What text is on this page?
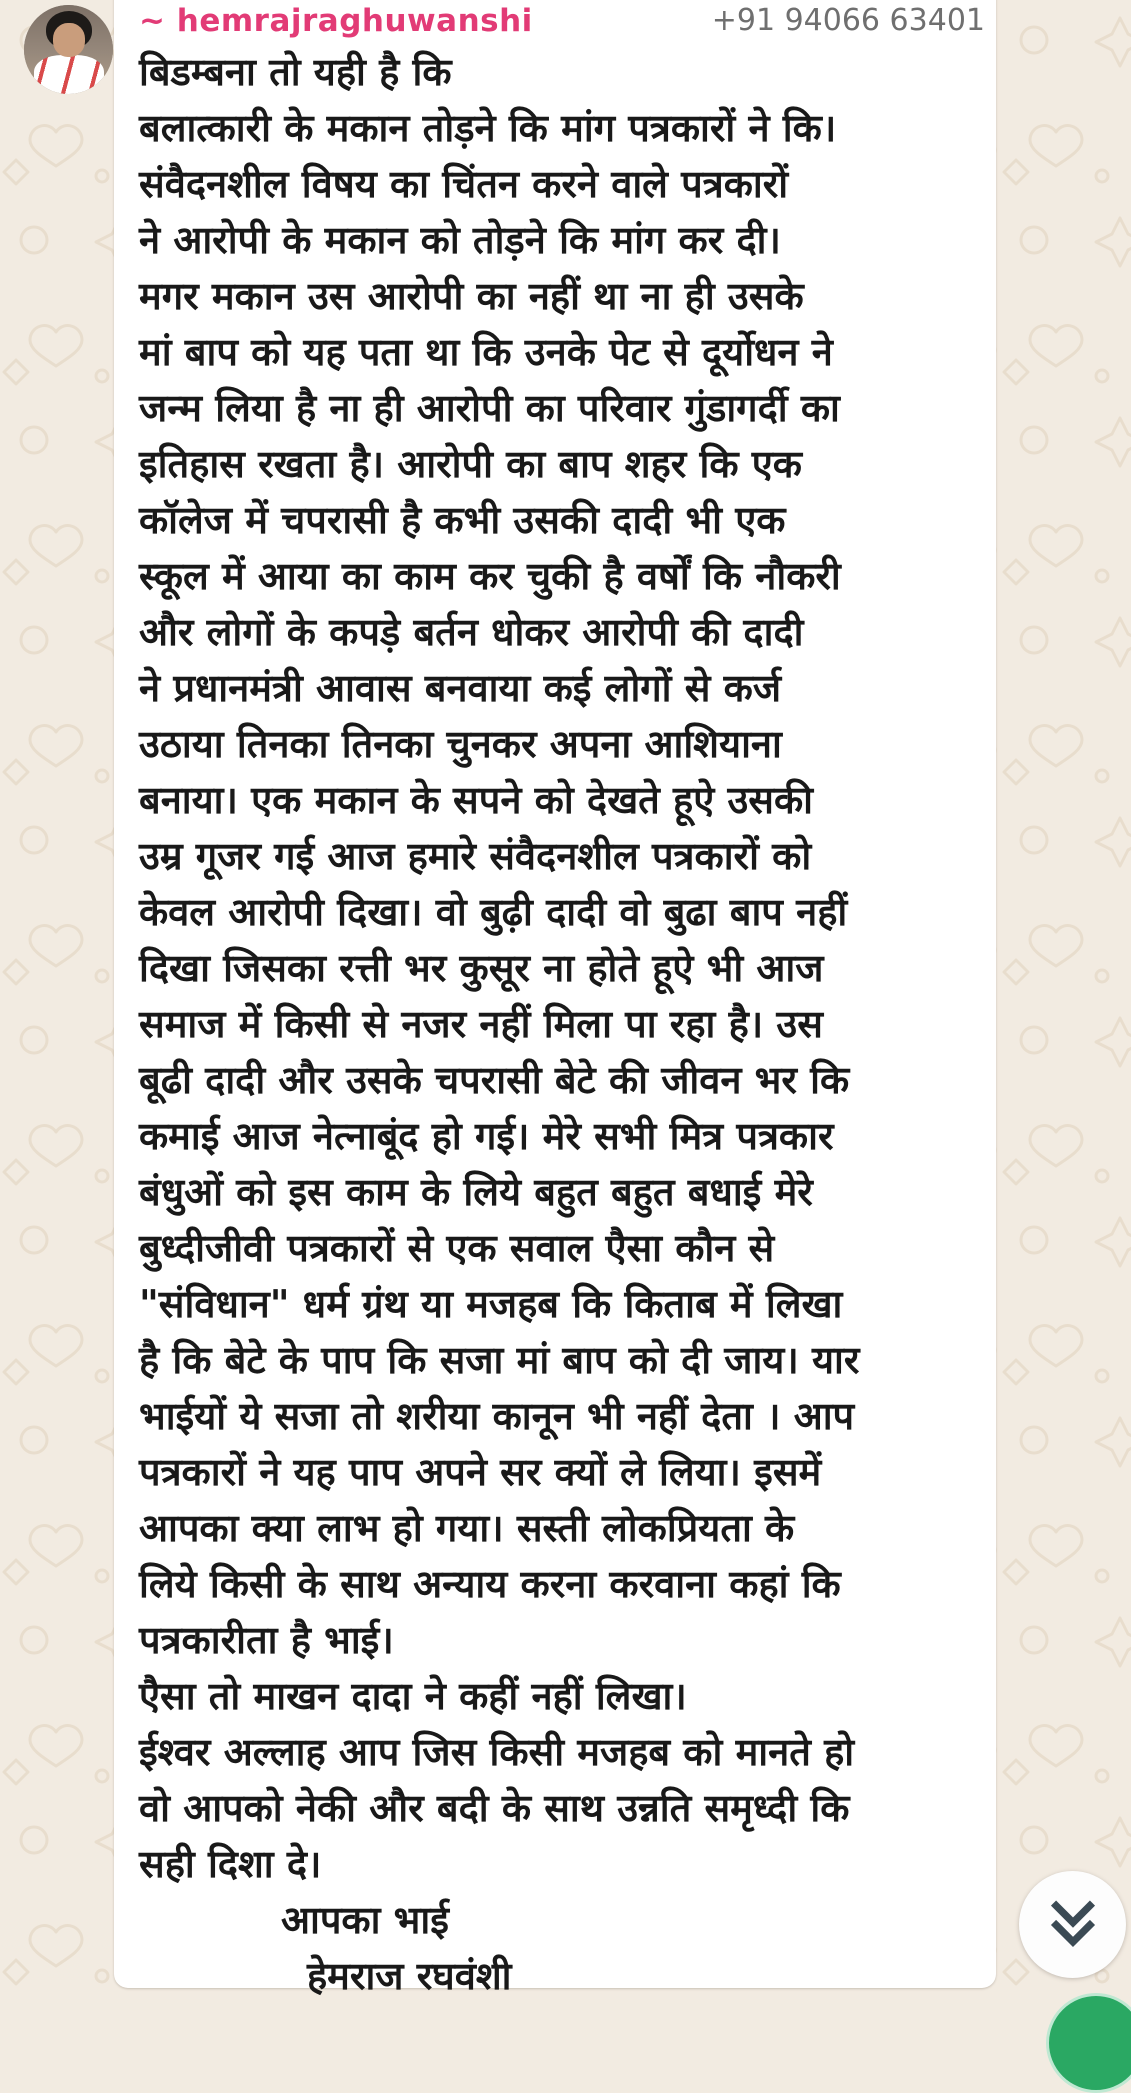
~ hemrajraghuwanshi	+91 94066 63401
बिडम्बना तो यही है कि
बलात्कारी के मकान तोड़ने कि मांग पत्रकारों ने कि।
संवैदनशील विषय का चिंतन करने वाले पत्रकारों
ने आरोपी के मकान को तोड़ने कि मांग कर दी।
मगर मकान उस आरोपी का नहीं था ना ही उसके
मां बाप को यह पता था कि उनके पेट से दूर्योधन ने
जन्म लिया है ना ही आरोपी का परिवार गुंडागर्दी का
इतिहास रखता है। आरोपी का बाप शहर कि एक
कॉलेज में चपरासी है कभी उसकी दादी भी एक
स्कूल में आया का काम कर चुकी है वर्षों कि नौकरी
और लोगों के कपड़े बर्तन धोकर आरोपी की दादी
ने प्रधानमंत्री आवास बनवाया कई लोगों से कर्ज
उठाया तिनका तिनका चुनकर अपना आशियाना
बनाया। एक मकान के सपने को देखते हूऐ उसकी
उम्र गूजर गई आज हमारे संवैदनशील पत्रकारों को
केवल आरोपी दिखा। वो बुढ़ी दादी वो बुढा बाप नहीं
दिखा जिसका रत्ती भर कुसूर ना होते हूऐ भी आज
समाज में किसी से नजर नहीं मिला पा रहा है। उस
बूढी दादी और उसके चपरासी बेटे की जीवन भर कि
कमाई आज नेत्नाबूंद हो गई। मेरे सभी मित्र पत्रकार
बंधुओं को इस काम के लिये बहुत बहुत बधाई मेरे
बुध्दीजीवी पत्रकारों से एक सवाल एैसा कौन से
"संविधान" धर्म ग्रंथ या मजहब कि किताब में लिखा
है कि बेटे के पाप कि सजा मां बाप को दी जाय। यार
भाईयों ये सजा तो शरीया कानून भी नहीं देता । आप
पत्रकारों ने यह पाप अपने सर क्यों ले लिया। इसमें
आपका क्या लाभ हो गया। सस्ती लोकप्रियता के
लिये किसी के साथ अन्याय करना करवाना कहां कि
पत्रकारीता है भाई।
एैसा तो माखन दादा ने कहीं नहीं लिखा।
ईश्वर अल्लाह आप जिस किसी मजहब को मानते हो
वो आपको नेकी और बदी के साथ उन्नति समृध्दी कि
सही दिशा दे।
आपका भाई
हेमराज रघवंशी
